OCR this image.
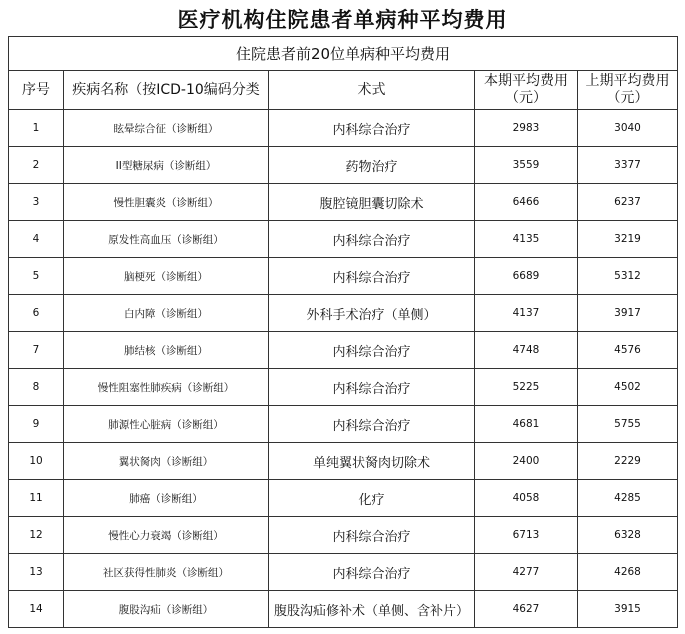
医疗机构住院患者单病种平均费用
住院患者前20位单病种平均费用				
序号	疾病名称（按ICD-10编码分类	术式	本期平均费用（元）	上期平均费用（元）
1	眩晕综合征（诊断组）	内科综合治疗	2983	3040
2	II型糖尿病（诊断组）	药物治疗	3559	3377
3	慢性胆囊炎（诊断组）	腹腔镜胆囊切除术	6466	6237
4	原发性高血压（诊断组）	内科综合治疗	4135	3219
5	脑梗死（诊断组）	内科综合治疗	6689	5312
6	白内障（诊断组）	外科手术治疗（单侧）	4137	3917
7	肺结核（诊断组）	内科综合治疗	4748	4576
8	慢性阻塞性肺疾病（诊断组）	内科综合治疗	5225	4502
9	肺源性心脏病（诊断组）	内科综合治疗	4681	5755
10	翼状胬肉（诊断组）	单纯翼状胬肉切除术	2400	2229
11	肺癌（诊断组）	化疗	4058	4285
12	慢性心力衰竭（诊断组）	内科综合治疗	6713	6328
13	社区获得性肺炎（诊断组）	内科综合治疗	4277	4268
14	腹股沟疝（诊断组）	腹股沟疝修补术（单侧、含补片）	4627	3915
